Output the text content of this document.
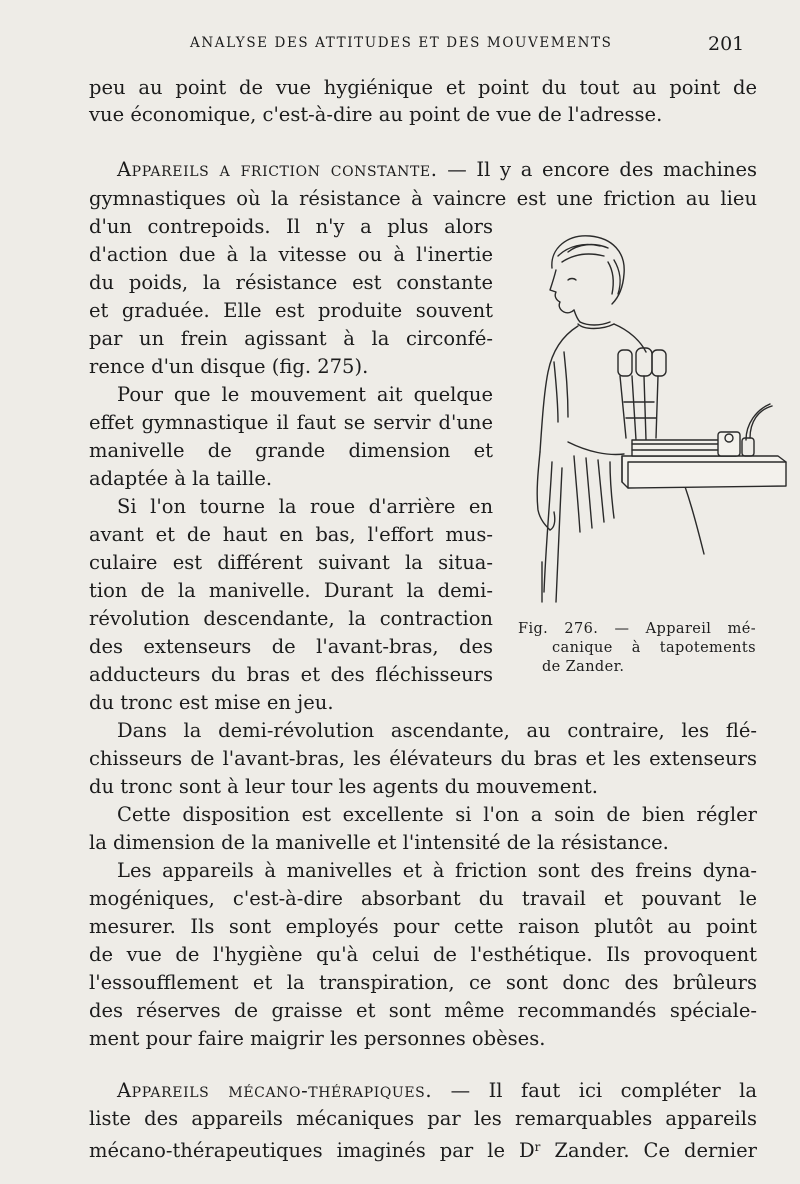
ANALYSE DES ATTITUDES ET DES MOUVEMENTS	201

peu au point de vue hygiénique et point du tout au point de

vue économique, c'est-à-dire au point de vue de l'adresse.

Appareils a friction constante. — Il y a encore des machines

gymnastiques où la résistance à vaincre est une friction au lieu

d'un contrepoids. Il n'y a plus alors

d'action due à la vitesse ou à l'inertie

du poids, la résistance est constante

et graduée. Elle est produite souvent

par un frein agissant à la circonfé-

rence d'un disque (fig. 275).

Pour que le mouvement ait quelque

effet gymnastique il faut se servir d'une

manivelle de grande dimension et

adaptée à la taille.

Si l'on tourne la roue d'arrière en

avant et de haut en bas, l'effort mus-

culaire est différent suivant la situa-

tion de la manivelle. Durant la demi-

révolution descendante, la contraction

des extenseurs de l'avant-bras, des

adducteurs du bras et des fléchisseurs

du tronc est mise en jeu.

Dans la demi-révolution ascendante, au contraire, les flé-

chisseurs de l'avant-bras, les élévateurs du bras et les extenseurs

du tronc sont à leur tour les agents du mouvement.

Cette disposition est excellente si l'on a soin de bien régler

la dimension de la manivelle et l'intensité de la résistance.

Les appareils à manivelles et à friction sont des freins dyna-

mogéniques, c'est-à-dire absorbant du travail et pouvant le

mesurer. Ils sont employés pour cette raison plutôt au point

de vue de l'hygiène qu'à celui de l'esthétique. Ils provoquent

l'essoufflement et la transpiration, ce sont donc des brûleurs

des réserves de graisse et sont même recommandés spéciale-

ment pour faire maigrir les personnes obèses.

Appareils mécano-thérapiques. — Il faut ici compléter la

liste des appareils mécaniques par les remarquables appareils

mécano-thérapeutiques imaginés par le $D^r$ Zander. Ce dernier

Fig. 276. — Appareil mé-
canique à tapotements
de Zander.
